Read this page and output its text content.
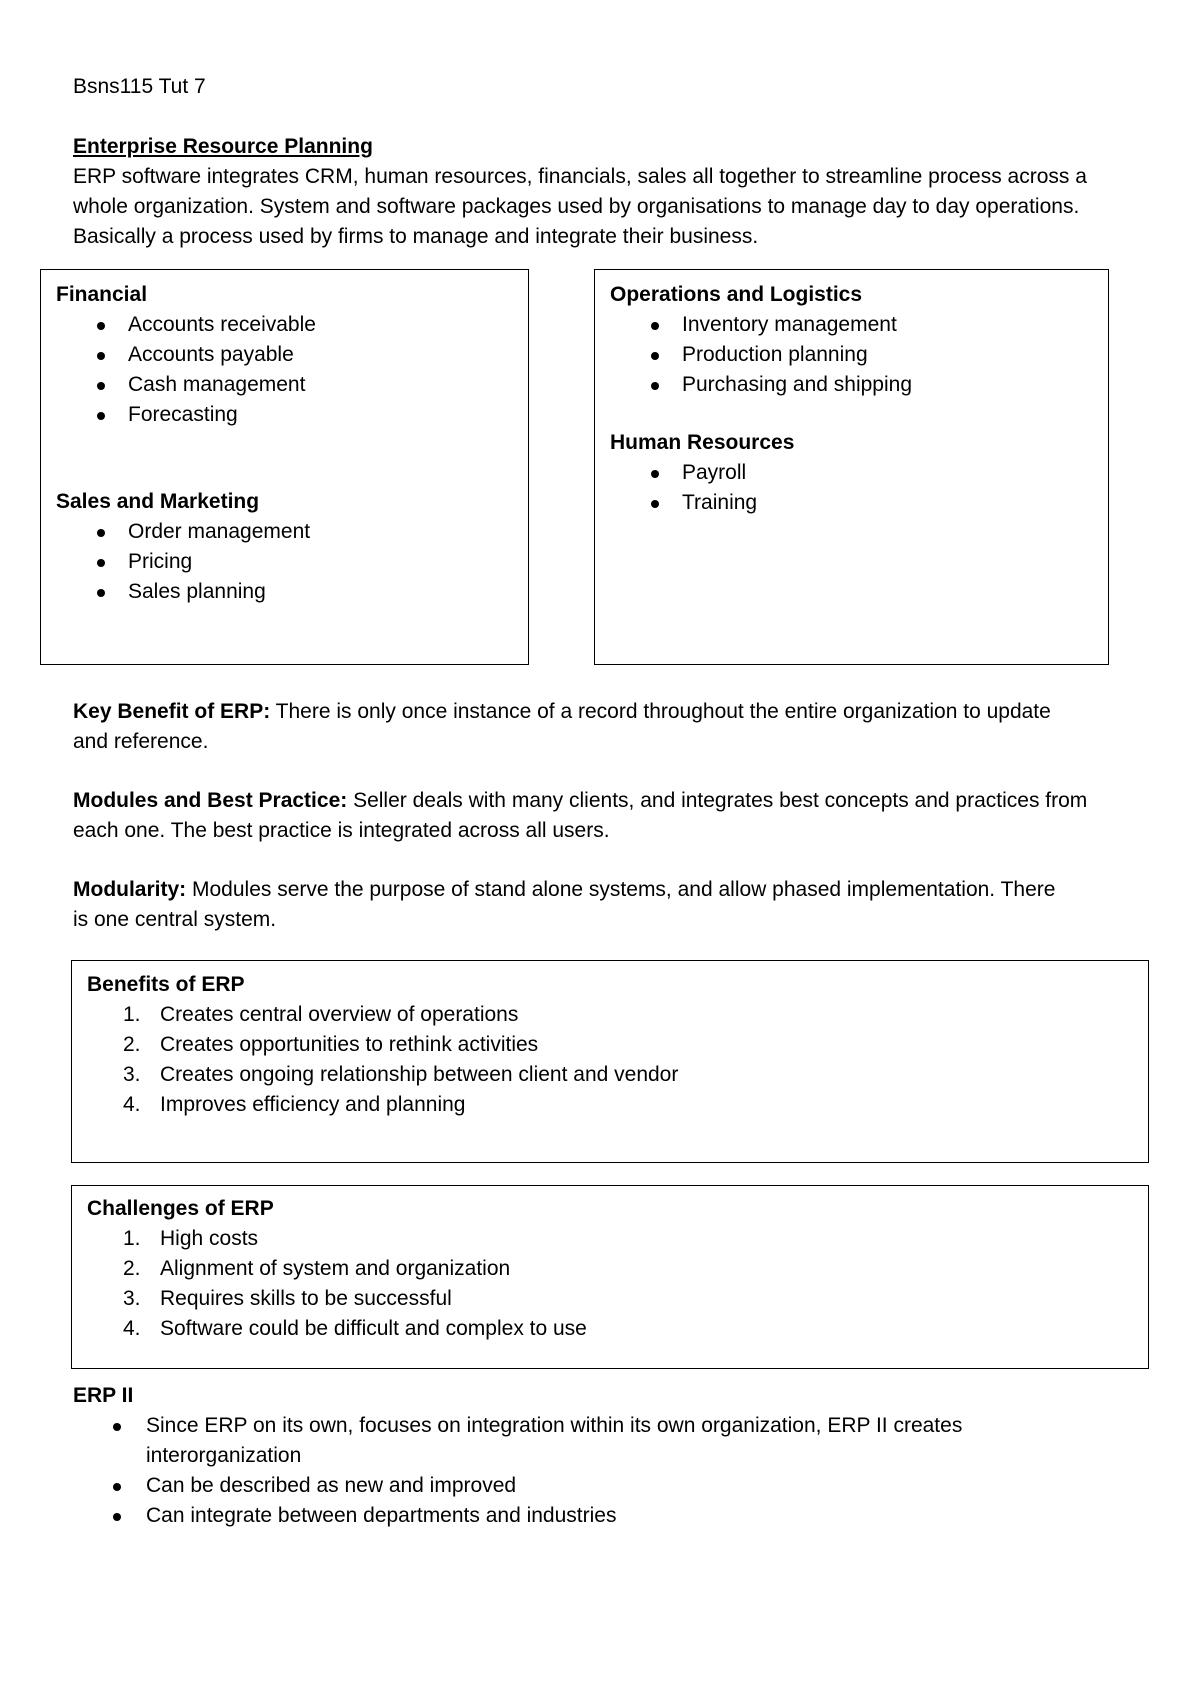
Bsns115 Tut 7
Enterprise Resource Planning

ERP software integrates CRM, human resources, financials, sales all together to streamline process across a

whole organization. System and software packages used by organisations to manage day to day operations.

Basically a process used by firms to manage and integrate their business.

Financial

Accounts receivable
Accounts payable
Cash management
Forecasting

Sales and Marketing

Order management
Pricing
Sales planning

Operations and Logistics

Inventory management
Production planning
Purchasing and shipping

Human Resources

Payroll
Training
Key Benefit of ERP: There is only once instance of a record throughout the entire organization to update
and reference.
Modules and Best Practice: Seller deals with many clients, and integrates best concepts and practices from
each one. The best practice is integrated across all users.
Modularity: Modules serve the purpose of stand alone systems, and allow phased implementation. There
is one central system.

Benefits of ERP

1. Creates central overview of operations
2. Creates opportunities to rethink activities
3. Creates ongoing relationship between client and vendor
4. Improves efficiency and planning

Challenges of ERP

1. High costs
2. Alignment of system and organization
3. Requires skills to be successful
4. Software could be difficult and complex to use

ERP II

Since ERP on its own, focuses on integration within its own organization, ERP II creates
interorganization
Can be described as new and improved
Can integrate between departments and industries
